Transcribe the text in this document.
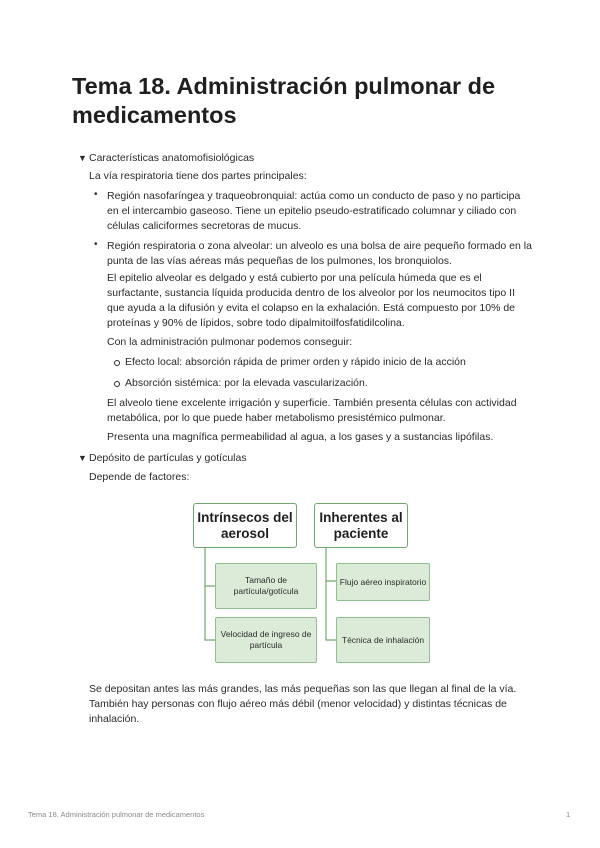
Tema 18. Administración pulmonar de medicamentos
▼ Características anatomofisiológicas

La vía respiratoria tiene dos partes principales:

• Región nasofaríngea y traqueobronquial: actúa como un conducto de paso y no participa en el intercambio gaseoso. Tiene un epitelio pseudo-estratificado columnar y ciliado con células caliciformes secretoras de mucus.
• Región respiratoria o zona alveolar: un alveolo es una bolsa de aire pequeño formado en la punta de las vías aéreas más pequeñas de los pulmones, los bronquiolos.

El epitelio alveolar es delgado y está cubierto por una película húmeda que es el surfactante, sustancia líquida producida dentro de los alveolor por los neumocitos tipo II que ayuda a la difusión y evita el colapso en la exhalación. Está compuesto por 10% de proteínas y 90% de lípidos, sobre todo dipalmitoilfosfatidilcolina.

Con la administración pulmonar podemos conseguir:

Efecto local: absorción rápida de primer orden y rápido inicio de la acción
Absorción sistémica: por la elevada vascularización.

El alveolo tiene excelente irrigación y superficie. También presenta células con actividad metabólica, por lo que puede haber metabolismo presistémico pulmonar.

Presenta una magnífica permeabilidad al agua, a los gases y a sustancias lipófilas.

▼ Depósito de partículas y gotículas

Depende de factores:

Intrínsecos del aerosol
Tamaño de partícula/gotícula
Velocidad de ingreso de partícula
Inherentes al paciente
Flujo aéreo inspiratorio
Técnica de inhalación

Se depositan antes las más grandes, las más pequeñas son las que llegan al final de la vía. También hay personas con flujo aéreo más débil (menor velocidad) y distintas técnicas de inhalación.

Tema 18. Administración pulmonar de medicamentos	1
